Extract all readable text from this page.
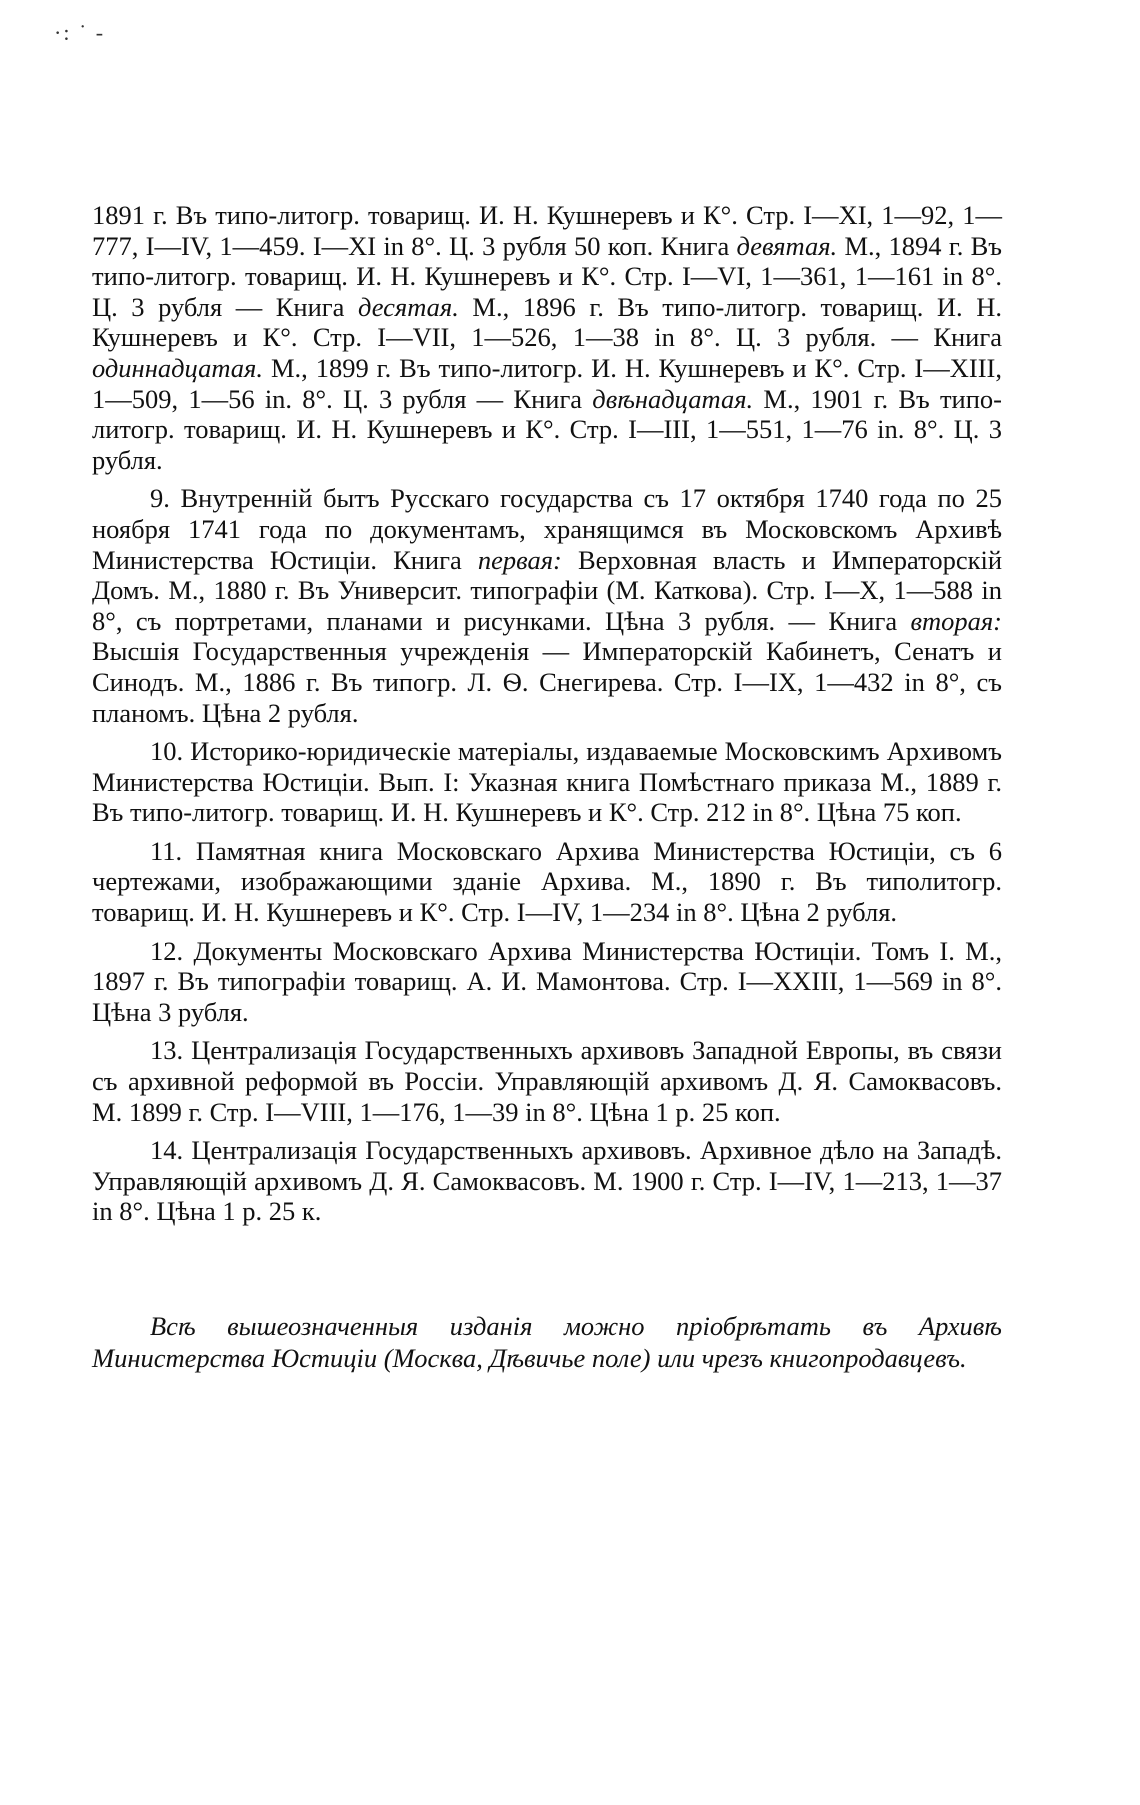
·: ˙ -

1891 г. Въ типо-литогр. товарищ. И. Н. Кушнеревъ и К°. Стр. I—XI, 1—92, 1—777, I—IV, 1—459. I—XI in 8°. Ц. 3 рубля 50 коп. Книга девятая. М., 1894 г. Въ типо-литогр. товарищ. И. Н. Кушнеревъ и К°. Стр. I—VI, 1—361, 1—161 in 8°. Ц. 3 рубля — Книга десятая. М., 1896 г. Въ типо-литогр. товарищ. И. Н. Кушнеревъ и К°. Стр. I—VII, 1—526, 1—38 in 8°. Ц. 3 рубля. — Книга одиннадцатая. М., 1899 г. Въ типо-литогр. И. Н. Кушнеревъ и К°. Стр. I—XIII, 1—509, 1—56 in. 8°. Ц. 3 рубля — Книга двѣнадцатая. М., 1901 г. Въ типо-литогр. товарищ. И. Н. Кушнеревъ и К°. Стр. I—III, 1—551, 1—76 in. 8°. Ц. 3 рубля.

9. Внутренній бытъ Русскаго государства съ 17 октября 1740 года по 25 ноября 1741 года по документамъ, хранящимся въ Московскомъ Архивѣ Министерства Юстиціи. Книга первая: Верховная власть и Императорскій Домъ. М., 1880 г. Въ Университ. типографіи (М. Каткова). Стр. I—X, 1—588 in 8°, съ портретами, планами и рисунками. Цѣна 3 рубля. — Книга вторая: Высшія Государственныя учрежденія — Императорскій Кабинетъ, Сенатъ и Синодъ. М., 1886 г. Въ типогр. Л. Ѳ. Снегирева. Стр. I—IX, 1—432 in 8°, съ планомъ. Цѣна 2 рубля.

10. Историко-юридическіе матеріалы, издаваемые Московскимъ Архивомъ Министерства Юстиціи. Вып. I: Указная книга Помѣстнаго приказа М., 1889 г. Въ типо-литогр. товарищ. И. Н. Кушнеревъ и К°. Стр. 212 in 8°. Цѣна 75 коп.

11. Памятная книга Московскаго Архива Министерства Юстиціи, съ 6 чертежами, изображающими зданіе Архива. М., 1890 г. Въ типолитогр. товарищ. И. Н. Кушнеревъ и К°. Стр. I—IV, 1—234 in 8°. Цѣна 2 рубля.

12. Документы Московскаго Архива Министерства Юстиціи. Томъ I. М., 1897 г. Въ типографіи товарищ. А. И. Мамонтова. Стр. I—XXIII, 1—569 in 8°. Цѣна 3 рубля.

13. Централизація Государственныхъ архивовъ Западной Европы, въ связи съ архивной реформой въ Россіи. Управляющій архивомъ Д. Я. Самоквасовъ. М. 1899 г. Стр. I—VIII, 1—176, 1—39 in 8°. Цѣна 1 р. 25 коп.

14. Централизація Государственныхъ архивовъ. Архивное дѣло на Западѣ. Управляющій архивомъ Д. Я. Самоквасовъ. М. 1900 г. Стр. I—IV, 1—213, 1—37 in 8°. Цѣна 1 р. 25 к.

Всѣ вышеозначенныя изданія можно пріобрѣтать въ Архивѣ Министерства Юстиціи (Москва, Дѣвичье поле) или чрезъ книгопродавцевъ.
